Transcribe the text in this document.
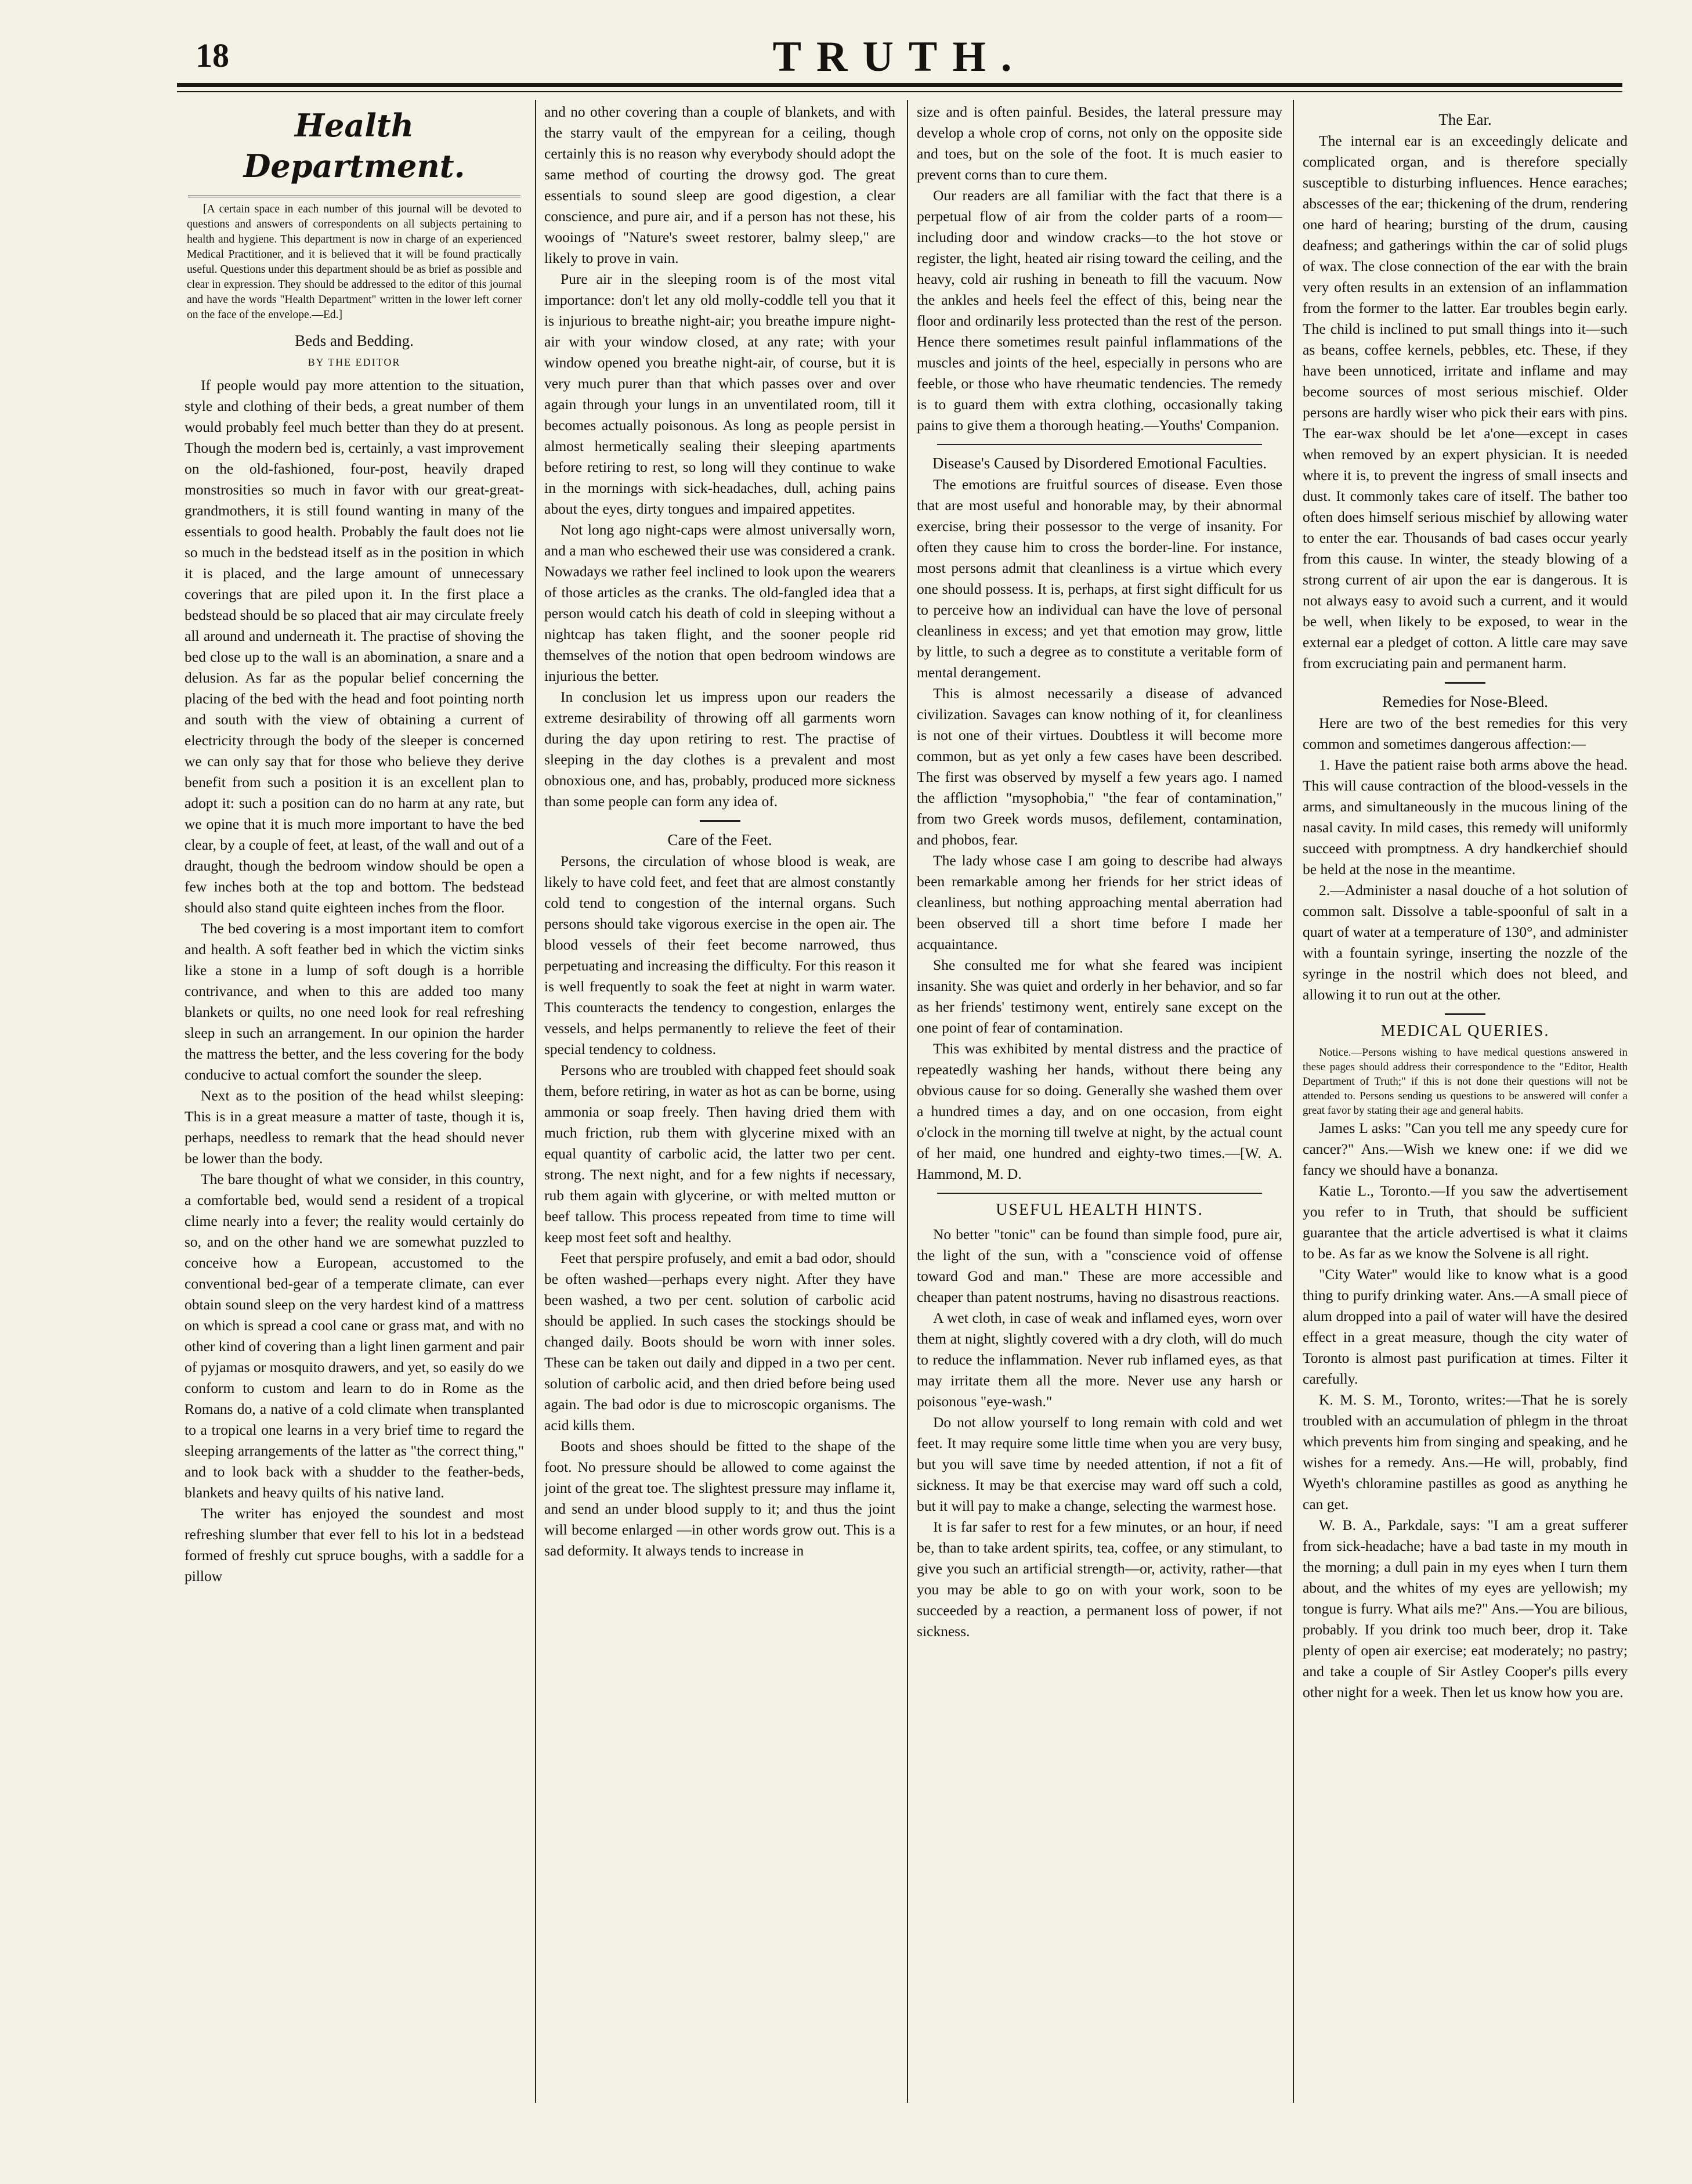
18	TRUTH.
Health Department.

[A certain space in each number of this journal will be devoted to questions and answers of correspondents on all subjects pertaining to health and hygiene. This department is now in charge of an experienced Medical Practitioner, and it is believed that it will be found practically useful. Questions under this department should be as brief as possible and clear in expression. They should be addressed to the editor of this journal and have the words "Health Department" written in the lower left corner on the face of the envelope.—Ed.]

Beds and Bedding.
BY THE EDITOR

If people would pay more attention to the situation, style and clothing of their beds, a great number of them would probably feel much better than they do at present. Though the modern bed is, certainly, a vast improvement on the old-fashioned, four-post, heavily draped monstrosities so much in favor with our great-great-grandmothers, it is still found wanting in many of the essentials to good health. Probably the fault does not lie so much in the bedstead itself as in the position in which it is placed, and the large amount of unnecessary coverings that are piled upon it. In the first place a bedstead should be so placed that air may circulate freely all around and underneath it. The practise of shoving the bed close up to the wall is an abomination, a snare and a delusion. As far as the popular belief concerning the placing of the bed with the head and foot pointing north and south with the view of obtaining a current of electricity through the body of the sleeper is concerned we can only say that for those who believe they derive benefit from such a position it is an excellent plan to adopt it: such a position can do no harm at any rate, but we opine that it is much more important to have the bed clear, by a couple of feet, at least, of the wall and out of a draught, though the bedroom window should be open a few inches both at the top and bottom. The bedstead should also stand quite eighteen inches from the floor.

The bed covering is a most important item to comfort and health. A soft feather bed in which the victim sinks like a stone in a lump of soft dough is a horrible contrivance, and when to this are added too many blankets or quilts, no one need look for real refreshing sleep in such an arrangement. In our opinion the harder the mattress the better, and the less covering for the body conducive to actual comfort the sounder the sleep.

Next as to the position of the head whilst sleeping: This is in a great measure a matter of taste, though it is, perhaps, needless to remark that the head should never be lower than the body.

The bare thought of what we consider, in this country, a comfortable bed, would send a resident of a tropical clime nearly into a fever; the reality would certainly do so, and on the other hand we are somewhat puzzled to conceive how a European, accustomed to the conventional bed-gear of a temperate climate, can ever obtain sound sleep on the very hardest kind of a mattress on which is spread a cool cane or grass mat, and with no other kind of covering than a light linen garment and pair of pyjamas or mosquito drawers, and yet, so easily do we conform to custom and learn to do in Rome as the Romans do, a native of a cold climate when transplanted to a tropical one learns in a very brief time to regard the sleeping arrangements of the latter as "the correct thing," and to look back with a shudder to the feather-beds, blankets and heavy quilts of his native land.

The writer has enjoyed the soundest and most refreshing slumber that ever fell to his lot in a bedstead formed of freshly cut spruce boughs, with a saddle for a pillow

and no other covering than a couple of blankets, and with the starry vault of the empyrean for a ceiling, though certainly this is no reason why everybody should adopt the same method of courting the drowsy god. The great essentials to sound sleep are good digestion, a clear conscience, and pure air, and if a person has not these, his wooings of "Nature's sweet restorer, balmy sleep," are likely to prove in vain.

Pure air in the sleeping room is of the most vital importance: don't let any old molly-coddle tell you that it is injurious to breathe night-air; you breathe impure night-air with your window closed, at any rate; with your window opened you breathe night-air, of course, but it is very much purer than that which passes over and over again through your lungs in an unventilated room, till it becomes actually poisonous. As long as people persist in almost hermetically sealing their sleeping apartments before retiring to rest, so long will they continue to wake in the mornings with sick-headaches, dull, aching pains about the eyes, dirty tongues and impaired appetites.

Not long ago night-caps were almost universally worn, and a man who eschewed their use was considered a crank. Nowadays we rather feel inclined to look upon the wearers of those articles as the cranks. The old-fangled idea that a person would catch his death of cold in sleeping without a nightcap has taken flight, and the sooner people rid themselves of the notion that open bedroom windows are injurious the better.

In conclusion let us impress upon our readers the extreme desirability of throwing off all garments worn during the day upon retiring to rest. The practise of sleeping in the day clothes is a prevalent and most obnoxious one, and has, probably, produced more sickness than some people can form any idea of.

Care of the Feet.

Persons, the circulation of whose blood is weak, are likely to have cold feet, and feet that are almost constantly cold tend to congestion of the internal organs. Such persons should take vigorous exercise in the open air. The blood vessels of their feet become narrowed, thus perpetuating and increasing the difficulty. For this reason it is well frequently to soak the feet at night in warm water. This counteracts the tendency to congestion, enlarges the vessels, and helps permanently to relieve the feet of their special tendency to coldness.

Persons who are troubled with chapped feet should soak them, before retiring, in water as hot as can be borne, using ammonia or soap freely. Then having dried them with much friction, rub them with glycerine mixed with an equal quantity of carbolic acid, the latter two per cent. strong. The next night, and for a few nights if necessary, rub them again with glycerine, or with melted mutton or beef tallow. This process repeated from time to time will keep most feet soft and healthy.

Feet that perspire profusely, and emit a bad odor, should be often washed—perhaps every night. After they have been washed, a two per cent. solution of carbolic acid should be applied. In such cases the stockings should be changed daily. Boots should be worn with inner soles. These can be taken out daily and dipped in a two per cent. solution of carbolic acid, and then dried before being used again. The bad odor is due to microscopic organisms. The acid kills them.

Boots and shoes should be fitted to the shape of the foot. No pressure should be allowed to come against the joint of the great toe. The slightest pressure may inflame it, and send an under blood supply to it; and thus the joint will become enlarged —in other words grow out. This is a sad deformity. It always tends to increase in

size and is often painful. Besides, the lateral pressure may develop a whole crop of corns, not only on the opposite side and toes, but on the sole of the foot. It is much easier to prevent corns than to cure them.

Our readers are all familiar with the fact that there is a perpetual flow of air from the colder parts of a room—including door and window cracks—to the hot stove or register, the light, heated air rising toward the ceiling, and the heavy, cold air rushing in beneath to fill the vacuum. Now the ankles and heels feel the effect of this, being near the floor and ordinarily less protected than the rest of the person. Hence there sometimes result painful inflammations of the muscles and joints of the heel, especially in persons who are feeble, or those who have rheumatic tendencies. The remedy is to guard them with extra clothing, occasionally taking pains to give them a thorough heating.—Youths' Companion.

Disease's Caused by Disordered Emotional Faculties.

The emotions are fruitful sources of disease. Even those that are most useful and honorable may, by their abnormal exercise, bring their possessor to the verge of insanity. For often they cause him to cross the border-line. For instance, most persons admit that cleanliness is a virtue which every one should possess. It is, perhaps, at first sight difficult for us to perceive how an individual can have the love of personal cleanliness in excess; and yet that emotion may grow, little by little, to such a degree as to constitute a veritable form of mental derangement.

This is almost necessarily a disease of advanced civilization. Savages can know nothing of it, for cleanliness is not one of their virtues. Doubtless it will become more common, but as yet only a few cases have been described. The first was observed by myself a few years ago. I named the affliction "mysophobia," "the fear of contamination," from two Greek words musos, defilement, contamination, and phobos, fear.

The lady whose case I am going to describe had always been remarkable among her friends for her strict ideas of cleanliness, but nothing approaching mental aberration had been observed till a short time before I made her acquaintance.

She consulted me for what she feared was incipient insanity. She was quiet and orderly in her behavior, and so far as her friends' testimony went, entirely sane except on the one point of fear of contamination.

This was exhibited by mental distress and the practice of repeatedly washing her hands, without there being any obvious cause for so doing. Generally she washed them over a hundred times a day, and on one occasion, from eight o'clock in the morning till twelve at night, by the actual count of her maid, one hundred and eighty-two times.—[W. A. Hammond, M. D.

USEFUL HEALTH HINTS.

No better "tonic" can be found than simple food, pure air, the light of the sun, with a "conscience void of offense toward God and man." These are more accessible and cheaper than patent nostrums, having no disastrous reactions.

A wet cloth, in case of weak and inflamed eyes, worn over them at night, slightly covered with a dry cloth, will do much to reduce the inflammation. Never rub inflamed eyes, as that may irritate them all the more. Never use any harsh or poisonous "eye-wash."

Do not allow yourself to long remain with cold and wet feet. It may require some little time when you are very busy, but you will save time by needed attention, if not a fit of sickness. It may be that exercise may ward off such a cold, but it will pay to make a change, selecting the warmest hose.

It is far safer to rest for a few minutes, or an hour, if need be, than to take ardent spirits, tea, coffee, or any stimulant, to give you such an artificial strength—or, activity, rather—that you may be able to go on with your work, soon to be succeeded by a reaction, a permanent loss of power, if not sickness.

The Ear.

The internal ear is an exceedingly delicate and complicated organ, and is therefore specially susceptible to disturbing influences. Hence earaches; abscesses of the ear; thickening of the drum, rendering one hard of hearing; bursting of the drum, causing deafness; and gatherings within the car of solid plugs of wax. The close connection of the ear with the brain very often results in an extension of an inflammation from the former to the latter. Ear troubles begin early. The child is inclined to put small things into it—such as beans, coffee kernels, pebbles, etc. These, if they have been unnoticed, irritate and inflame and may become sources of most serious mischief. Older persons are hardly wiser who pick their ears with pins. The ear-wax should be let a'one—except in cases when removed by an expert physician. It is needed where it is, to prevent the ingress of small insects and dust. It commonly takes care of itself. The bather too often does himself serious mischief by allowing water to enter the ear. Thousands of bad cases occur yearly from this cause. In winter, the steady blowing of a strong current of air upon the ear is dangerous. It is not always easy to avoid such a current, and it would be well, when likely to be exposed, to wear in the external ear a pledget of cotton. A little care may save from excruciating pain and permanent harm.

Remedies for Nose-Bleed.

Here are two of the best remedies for this very common and sometimes dangerous affection:—

1. Have the patient raise both arms above the head. This will cause contraction of the blood-vessels in the arms, and simultaneously in the mucous lining of the nasal cavity. In mild cases, this remedy will uniformly succeed with promptness. A dry handkerchief should be held at the nose in the meantime.

2.—Administer a nasal douche of a hot solution of common salt. Dissolve a table-spoonful of salt in a quart of water at a temperature of 130°, and administer with a fountain syringe, inserting the nozzle of the syringe in the nostril which does not bleed, and allowing it to run out at the other.

MEDICAL QUERIES.

Notice.—Persons wishing to have medical questions answered in these pages should address their correspondence to the "Editor, Health Department of Truth;" if this is not done their questions will not be attended to. Persons sending us questions to be answered will confer a great favor by stating their age and general habits.

James L asks: "Can you tell me any speedy cure for cancer?" Ans.—Wish we knew one: if we did we fancy we should have a bonanza.

Katie L., Toronto.—If you saw the advertisement you refer to in Truth, that should be sufficient guarantee that the article advertised is what it claims to be. As far as we know the Solvene is all right.

"City Water" would like to know what is a good thing to purify drinking water. Ans.—A small piece of alum dropped into a pail of water will have the desired effect in a great measure, though the city water of Toronto is almost past purification at times. Filter it carefully.

K. M. S. M., Toronto, writes:—That he is sorely troubled with an accumulation of phlegm in the throat which prevents him from singing and speaking, and he wishes for a remedy. Ans.—He will, probably, find Wyeth's chloramine pastilles as good as anything he can get.

W. B. A., Parkdale, says: "I am a great sufferer from sick-headache; have a bad taste in my mouth in the morning; a dull pain in my eyes when I turn them about, and the whites of my eyes are yellowish; my tongue is furry. What ails me?" Ans.—You are bilious, probably. If you drink too much beer, drop it. Take plenty of open air exercise; eat moderately; no pastry; and take a couple of Sir Astley Cooper's pills every other night for a week. Then let us know how you are.
